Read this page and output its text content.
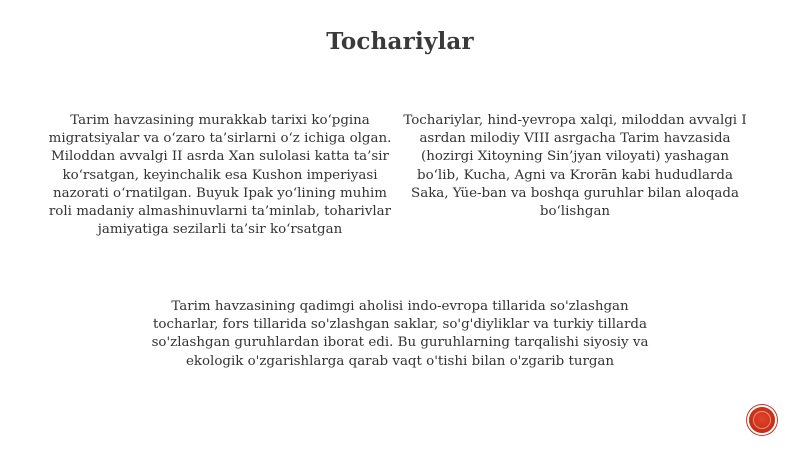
Tochariylar
Tarim havzasining murakkab tarixi ko‘pgina migratsiyalar va o‘zaro ta’sirlarni o‘z ichiga olgan. Miloddan avvalgi II asrda Xan sulolasi katta ta’sir ko‘rsatgan, keyinchalik esa Kushon imperiyasi nazorati o‘rnatilgan. Buyuk Ipak yo‘lining muhim roli madaniy almashinuvlarni ta’minlab, toharivlar jamiyatiga sezilarli ta’sir ko‘rsatgan
Tochariylar, hind-yevropa xalqi, miloddan avvalgi I asrdan milodiy VIII asrgacha Tarim havzasida (hozirgi Xitoyning Sin’jyan viloyati) yashagan bo‘lib, Kucha, Agni va Krorān kabi hududlarda Saka, Yüe-ban va boshqa guruhlar bilan aloqada bo‘lishgan
Tarim havzasining qadimgi aholisi indo-evropa tillarida so'zlashgan tocharlar, fors tillarida so'zlashgan saklar, so'g'diyliklar va turkiy tillarda so'zlashgan guruhlardan iborat edi. Bu guruhlarning tarqalishi siyosiy va ekologik o'zgarishlarga qarab vaqt o'tishi bilan o'zgarib turgan
